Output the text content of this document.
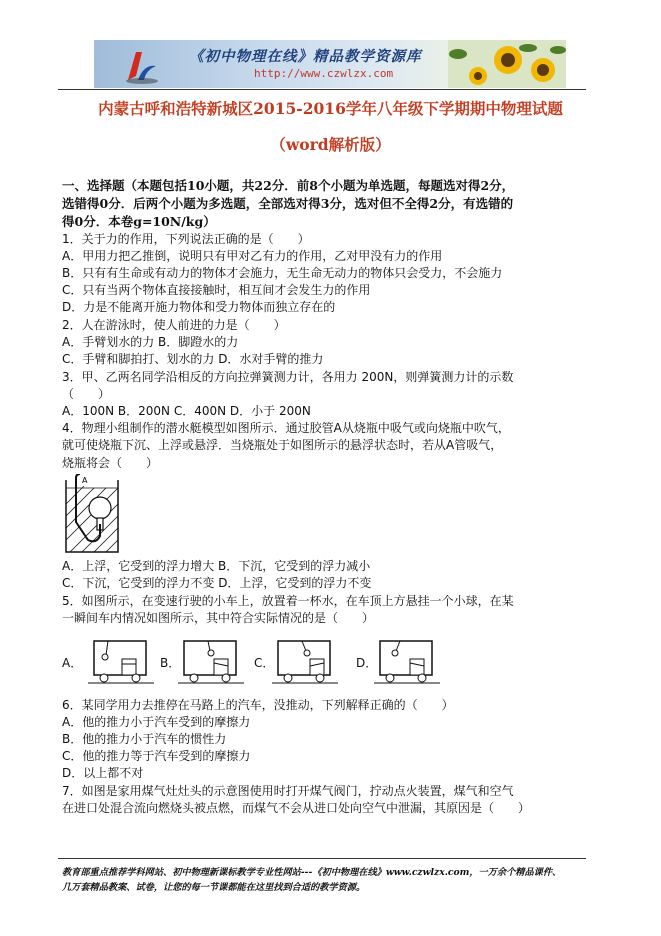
《初中物理在线》精品教学资源库
http://www.czwlzx.com
内蒙古呼和浩特新城区2015-2016学年八年级下学期期中物理试题
（word解析版）
一、选择题（本题包括10小题，共22分．前8个小题为单选题，每题选对得2分，
选错得0分．后两个小题为多选题，全部选对得3分，选对但不全得2分，有选错的
得0分．本卷g=10N/kg）
1．关于力的作用，下列说法正确的是（　　）
A．甲用力把乙推倒，说明只有甲对乙有力的作用，乙对甲没有力的作用
B．只有有生命或有动力的物体才会施力，无生命无动力的物体只会受力，不会施力
C．只有当两个物体直接接触时，相互间才会发生力的作用
D．力是不能离开施力物体和受力物体而独立存在的
2．人在游泳时，使人前进的力是（　　）
A．手臂划水的力 B．脚蹬水的力
C．手臂和脚拍打、划水的力 D．水对手臂的推力
3．甲、乙两名同学沿相反的方向拉弹簧测力计，各用力 200N，则弹簧测力计的示数
（　　）
A．100N B．200N C．400N D．小于 200N
4．物理小组制作的潜水艇模型如图所示．通过胶管A从烧瓶中吸气或向烧瓶中吹气，
就可使烧瓶下沉、上浮或悬浮．当烧瓶处于如图所示的悬浮状态时，若从A管吸气，
烧瓶将会（　　）
A
A．上浮，它受到的浮力增大 B．下沉，它受到的浮力减小
C．下沉，它受到的浮力不变 D．上浮，它受到的浮力不变
5．如图所示，在变速行驶的小车上，放置着一杯水，在车顶上方悬挂一个小球，在某
一瞬间车内情况如图所示，其中符合实际情况的是（　　）
A．	B．	C．	D．
6．某同学用力去推停在马路上的汽车，没推动，下列解释正确的（　　）
A．他的推力小于汽车受到的摩擦力
B．他的推力小于汽车的惯性力
C．他的推力等于汽车受到的摩擦力
D．以上都不对
7．如图是家用煤气灶灶头的示意图使用时打开煤气阀门，拧动点火装置，煤气和空气
在进口处混合流向燃烧头被点燃，而煤气不会从进口处向空气中泄漏，其原因是（　　）
教育部重点推荐学科网站、初中物理新课标教学专业性网站---《初中物理在线》www.czwlzx.com，一万余个精品课件、
几万套精品教案、试卷，让您的每一节课都能在这里找到合适的教学资源。
